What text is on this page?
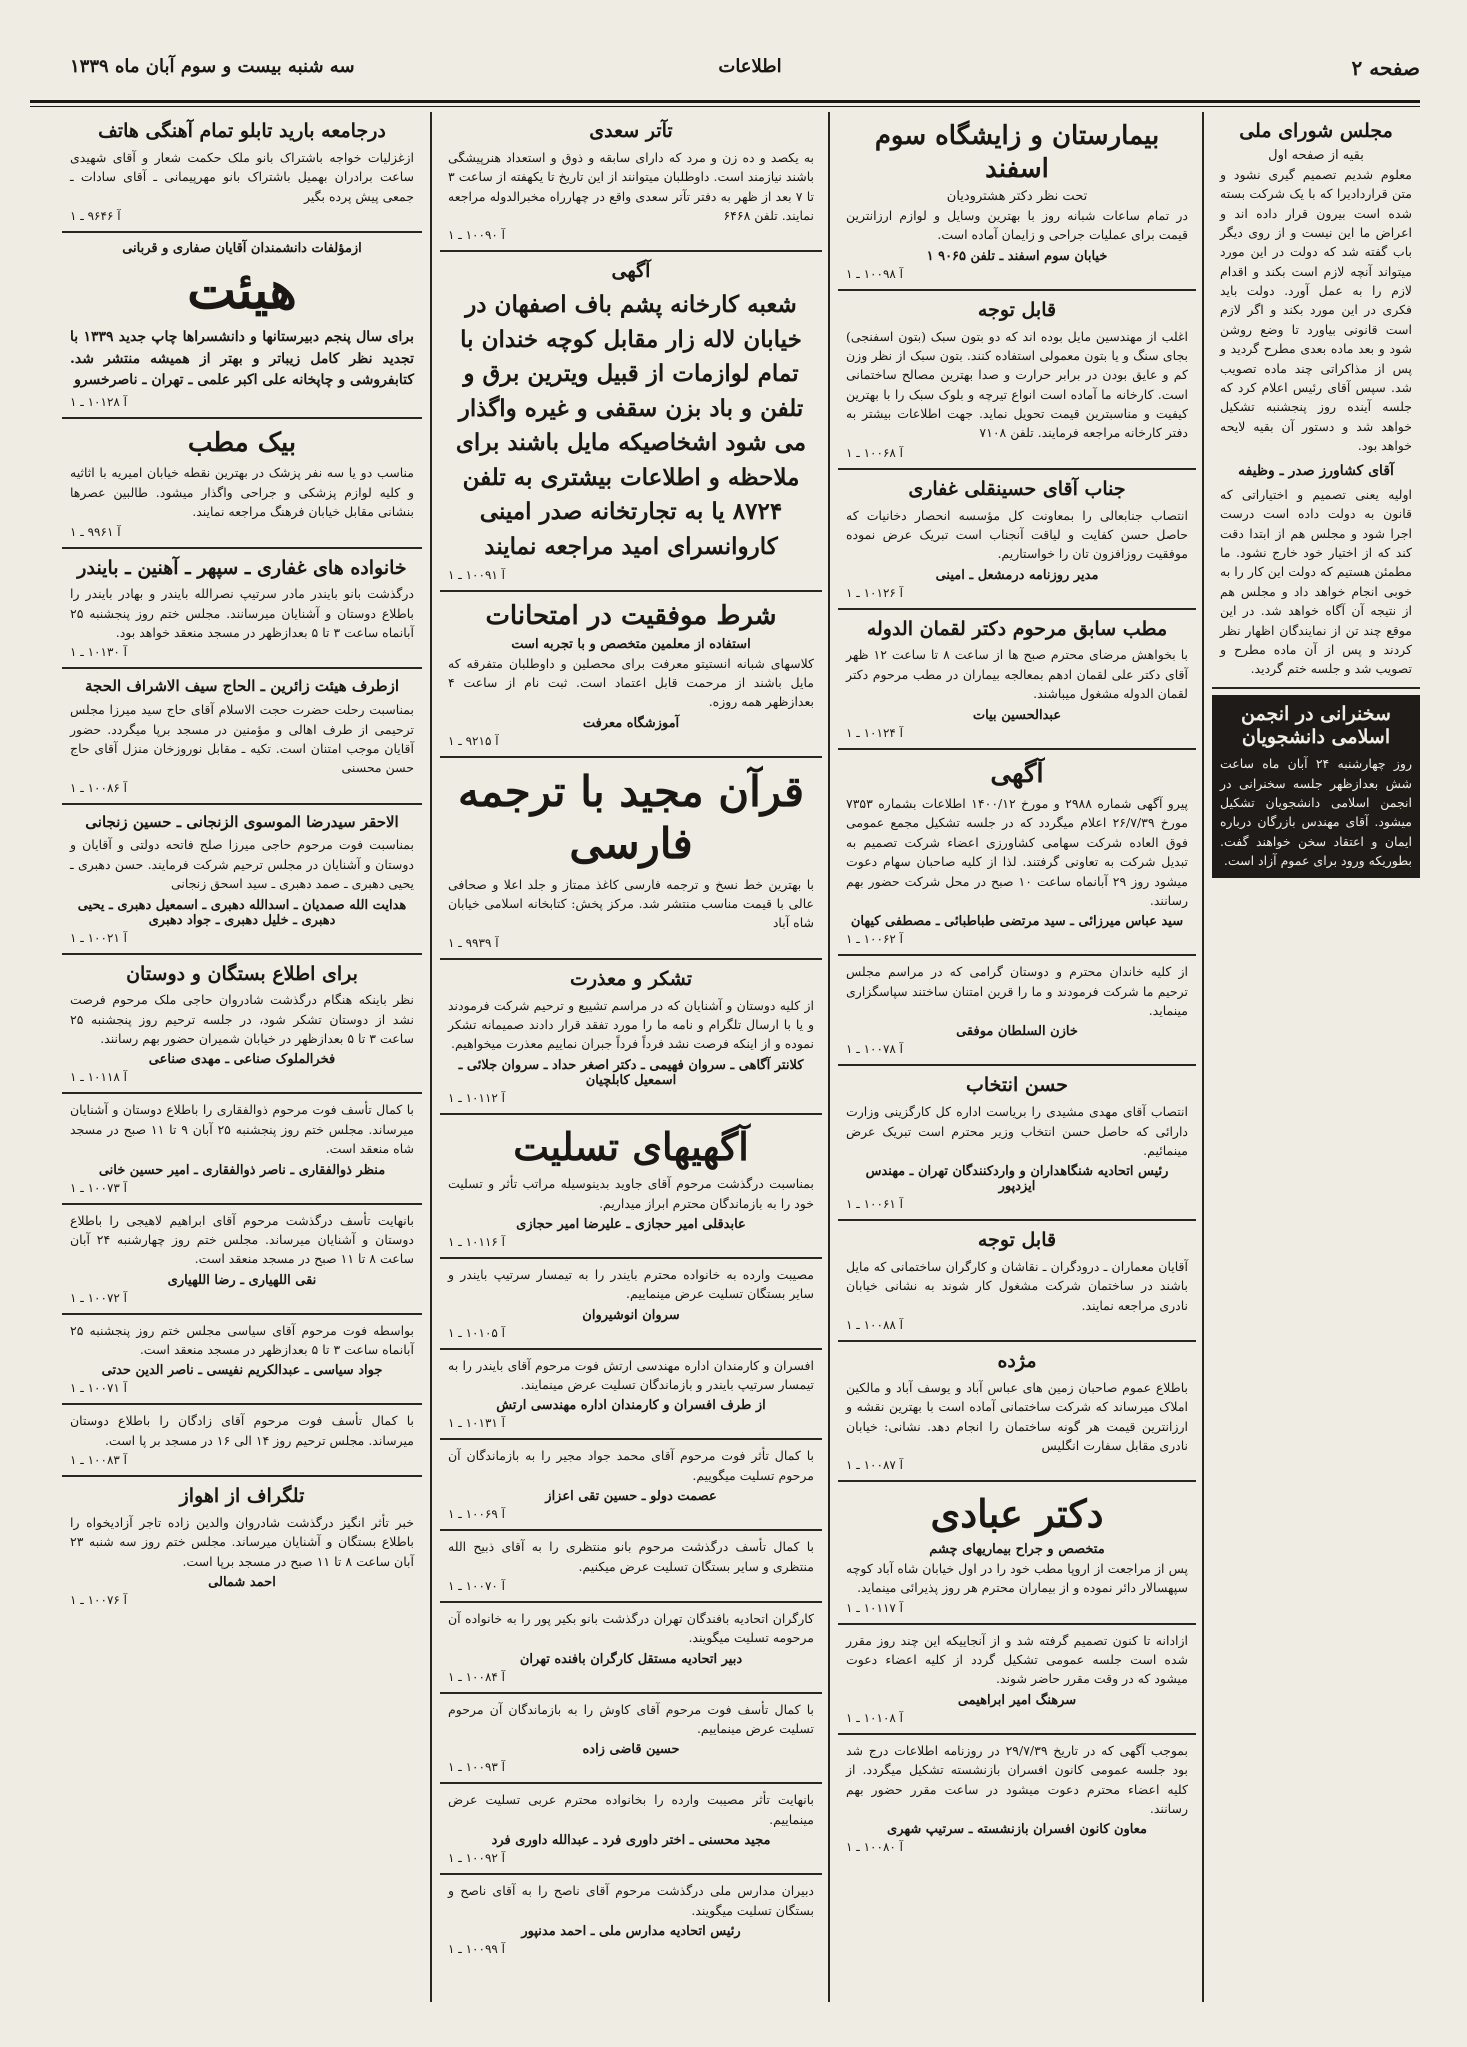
صفحه ۲
اطلاعات
سه شنبه بیست و سوم آبان ماه ۱۳۳۹
مجلس شورای ملی
بقیه از صفحه اول
معلوم شدیم تصمیم گیری نشود و متن قراردادیرا که با یک شرکت بسته شده است بیرون قرار داده اند و اعراض ما این نیست و از روی دیگر باب گفته شد که دولت در این مورد میتواند آنچه لازم است بکند و اقدام لازم را به عمل آورد. دولت باید فکری در این مورد بکند و اگر لازم است قانونی بیاورد تا وضع روشن شود و بعد ماده بعدی مطرح گردید و پس از مذاکراتی چند ماده تصویب شد. سپس آقای رئیس اعلام کرد که جلسه آینده روز پنجشنبه تشکیل خواهد شد و دستور آن بقیه لایحه خواهد بود.
آقای کشاورز صدر ـ وظیفه
اولیه یعنی تصمیم و اختیاراتی که قانون به دولت داده است درست اجرا شود و مجلس هم از ابتدا دقت کند که از اختیار خود خارج نشود. ما مطمئن هستیم که دولت این کار را به خوبی انجام خواهد داد و مجلس هم از نتیجه آن آگاه خواهد شد. در این موقع چند تن از نمایندگان اظهار نظر کردند و پس از آن ماده مطرح و تصویب شد و جلسه ختم گردید.
سخنرانی در انجمن اسلامی دانشجویان
روز چهارشنبه ۲۴ آبان ماه ساعت شش بعدازظهر جلسه سخنرانی در انجمن اسلامی دانشجویان تشکیل میشود. آقای مهندس بازرگان درباره ایمان و اعتقاد سخن خواهند گفت. بطوریکه ورود برای عموم آزاد است.
بیمارستان و زایشگاه سوم اسفند
تحت نظر دکتر هشترودیان
در تمام ساعات شبانه روز با بهترین وسایل و لوازم ارزانترین قیمت برای عملیات جراحی و زایمان آماده است.
خیابان سوم اسفند ـ تلفن ۹۰۶۵ ۱
آ ۱۰۰۹۸ ـ ۱
قابل توجه
اغلب از مهندسین مایل بوده اند که دو بتون سبک (بتون اسفنجی) بجای سنگ و یا بتون معمولی استفاده کنند. بتون سبک از نظر وزن کم و عایق بودن در برابر حرارت و صدا بهترین مصالح ساختمانی است. کارخانه ما آماده است انواع تیرچه و بلوک سبک را با بهترین کیفیت و مناسبترین قیمت تحویل نماید. جهت اطلاعات بیشتر به دفتر کارخانه مراجعه فرمایند. تلفن ۷۱۰۸
آ ۱۰۰۶۸ ـ ۱
جناب آقای حسینقلی غفاری
انتصاب جنابعالی را بمعاونت کل مؤسسه انحصار دخانیات که حاصل حسن کفایت و لیاقت آنجناب است تبریک عرض نموده موفقیت روزافزون تان را خواستاریم.
مدیر روزنامه درمشعل ـ امینی
آ ۱۰۱۲۶ ـ ۱
مطب سابق مرحوم دکتر لقمان الدوله
با بخواهش مرضای محترم صبح ها از ساعت ۸ تا ساعت ۱۲ ظهر آقای دکتر علی لقمان ادهم بمعالجه بیماران در مطب مرحوم دکتر لقمان الدوله مشغول میباشند.
عبدالحسین بیات
آ ۱۰۱۲۴ ـ ۱
آگهی
پیرو آگهی شماره ۲۹۸۸ و مورخ ۱۴۰۰/۱۲ اطلاعات بشماره ۷۳۵۳ مورخ ۲۶/۷/۳۹ اعلام میگردد که در جلسه تشکیل مجمع عمومی فوق العاده شرکت سهامی کشاورزی اعضاء شرکت تصمیم به تبدیل شرکت به تعاونی گرفتند. لذا از کلیه صاحبان سهام دعوت میشود روز ۲۹ آبانماه ساعت ۱۰ صبح در محل شرکت حضور بهم رسانند.
سید عباس میرزائی ـ سید مرتضی طباطبائی ـ مصطفی کیهان
آ ۱۰۰۶۲ ـ ۱
از کلیه خاندان محترم و دوستان گرامی که در مراسم مجلس ترحیم ما شرکت فرمودند و ما را قرین امتنان ساختند سپاسگزاری مینماید.
خازن السلطان موفقی
آ ۱۰۰۷۸ ـ ۱
حسن انتخاب
انتصاب آقای مهدی مشیدی را بریاست اداره کل کارگزینی وزارت دارائی که حاصل حسن انتخاب وزیر محترم است تبریک عرض مینمائیم.
رئیس اتحادیه شنگاهداران و واردکنندگان تهران ـ مهندس ایزدپور
آ ۱۰۰۶۱ ـ ۱
قابل توجه
آقایان معماران ـ درودگران ـ نقاشان و کارگران ساختمانی که مایل باشند در ساختمان شرکت مشغول کار شوند به نشانی خیابان نادری مراجعه نمایند.
آ ۱۰۰۸۸ ـ ۱
مژده
باطلاع عموم صاحبان زمین های عباس آباد و یوسف آباد و مالکین املاک میرساند که شرکت ساختمانی آماده است با بهترین نقشه و ارزانترین قیمت هر گونه ساختمان را انجام دهد. نشانی: خیابان نادری مقابل سفارت انگلیس
آ ۱۰۰۸۷ ـ ۱
دکتر عبادی
متخصص و جراح بیماریهای چشم
پس از مراجعت از اروپا مطب خود را در اول خیابان شاه آباد کوچه سپهسالار دائر نموده و از بیماران محترم هر روز پذیرائی مینماید.
آ ۱۰۱۱۷ ـ ۱
ازادانه تا کنون تصمیم گرفته شد و از آنجاییکه این چند روز مقرر شده است جلسه عمومی تشکیل گردد از کلیه اعضاء دعوت میشود که در وقت مقرر حاضر شوند.
سرهنگ امیر ابراهیمی
آ ۱۰۱۰۸ ـ ۱
بموجب آگهی که در تاریخ ۲۹/۷/۳۹ در روزنامه اطلاعات درج شد بود جلسه عمومی کانون افسران بازنشسته تشکیل میگردد. از کلیه اعضاء محترم دعوت میشود در ساعت مقرر حضور بهم رسانند.
معاون کانون افسران بازنشسته ـ سرتیپ شهری
آ ۱۰۰۸۰ ـ ۱
تآتر سعدی
به یکصد و ده زن و مرد که دارای سابقه و ذوق و استعداد هنرپیشگی باشند نیازمند است. داوطلبان میتوانند از این تاریخ تا یکهفته از ساعت ۳ تا ۷ بعد از ظهر به دفتر تآتر سعدی واقع در چهارراه مخبرالدوله مراجعه نمایند. تلفن ۶۴۶۸
آ ۱۰۰۹۰ ـ ۱
آگهی
شعبه کارخانه پشم باف اصفهان در خیابان لاله زار مقابل کوچه خندان با تمام لوازمات از قبیل ویترین برق و تلفن و باد بزن سقفی و غیره واگذار می شود اشخاصیکه مایل باشند برای ملاحظه و اطلاعات بیشتری به تلفن ۸۷۲۴ یا به تجارتخانه صدر امینی کاروانسرای امید مراجعه نمایند
آ ۱۰۰۹۱ ـ ۱
شرط موفقیت در امتحانات
استفاده از معلمین متخصص و با تجربه است
کلاسهای شبانه انستیتو معرفت برای محصلین و داوطلبان متفرقه که مایل باشند از مرحمت قابل اعتماد است. ثبت نام از ساعت ۴ بعدازظهر همه روزه.
آموزشگاه معرفت
آ ۹۲۱۵ ـ ۱
قرآن مجید با ترجمه فارسی
با بهترین خط نسخ و ترجمه فارسی کاغذ ممتاز و جلد اعلا و صحافی عالی با قیمت مناسب منتشر شد. مرکز پخش: کتابخانه اسلامی خیابان شاه آباد
آ ۹۹۳۹ ـ ۱
تشکر و معذرت
از کلیه دوستان و آشنایان که در مراسم تشییع و ترحیم شرکت فرمودند و یا با ارسال تلگرام و نامه ما را مورد تفقد قرار دادند صمیمانه تشکر نموده و از اینکه فرصت نشد فرداً فرداً جبران نماییم معذرت میخواهیم.
کلانتر آگاهی ـ سروان فهیمی ـ دکتر اصغر حداد ـ سروان جلائی ـ اسمعیل کابلچیان
آ ۱۰۱۱۲ ـ ۱
آگهیهای تسلیت
بمناسبت درگذشت مرحوم آقای جاوید بدینوسیله مراتب تأثر و تسلیت خود را به بازماندگان محترم ابراز میداریم.
عابدقلی امیر حجازی ـ علیرضا امیر حجازی
آ ۱۰۱۱۶ ـ ۱
مصیبت وارده به خانواده محترم بایندر را به تیمسار سرتیپ بایندر و سایر بستگان تسلیت عرض مینماییم.
سروان انوشیروان
آ ۱۰۱۰۵ ـ ۱
افسران و کارمندان اداره مهندسی ارتش فوت مرحوم آقای بایندر را به تیمسار سرتیپ بایندر و بازماندگان تسلیت عرض مینمایند.
از طرف افسران و کارمندان اداره مهندسی ارتش
آ ۱۰۱۳۱ ـ ۱
با کمال تأثر فوت مرحوم آقای محمد جواد مجیر را به بازماندگان آن مرحوم تسلیت میگوییم.
عصمت دولو ـ حسین تقی اعزاز
آ ۱۰۰۶۹ ـ ۱
با کمال تأسف درگذشت مرحوم بانو منتظری را به آقای ذبیح الله منتظری و سایر بستگان تسلیت عرض میکنیم.
آ ۱۰۰۷۰ ـ ۱
کارگران اتحادیه بافندگان تهران درگذشت بانو بکیر پور را به خانواده آن مرحومه تسلیت میگویند.
دبیر اتحادیه مستقل کارگران بافنده تهران
آ ۱۰۰۸۴ ـ ۱
با کمال تأسف فوت مرحوم آقای کاوش را به بازماندگان آن مرحوم تسلیت عرض مینماییم.
حسین قاضی زاده
آ ۱۰۰۹۳ ـ ۱
بانهایت تأثر مصیبت وارده را بخانواده محترم عربی تسلیت عرض مینماییم.
مجید محسنی ـ اختر داوری فرد ـ عبدالله داوری فرد
آ ۱۰۰۹۲ ـ ۱
دبیران مدارس ملی درگذشت مرحوم آقای ناصح را به آقای ناصح و بستگان تسلیت میگویند.
رئیس اتحادیه مدارس ملی ـ احمد مدنپور
آ ۱۰۰۹۹ ـ ۱
درجامعه بارید تابلو تمام آهنگی هاتف
ازغزلیات خواجه باشتراک بانو ملک حکمت شعار و آقای شهیدی ساعت برادران بهمیل باشتراک بانو مهرپیمانی ـ آقای سادات ـ جمعی پیش پرده بگیر
آ ۹۶۴۶ ـ ۱
ازمؤلفات دانشمندان آقایان صفاری و قربانی
هیئت
برای سال پنجم دبیرستانها و دانشسراها چاپ جدید ۱۳۳۹ با تجدید نظر کامل زیباتر و بهتر از همیشه منتشر شد. کتابفروشی و چاپخانه علی اکبر علمی ـ تهران ـ ناصرخسرو
آ ۱۰۱۲۸ ـ ۱
بیک مطب
مناسب دو یا سه نفر پزشک در بهترین نقطه خیابان امیریه با اثاثیه و کلیه لوازم پزشکی و جراحی واگذار میشود. طالبین عصرها بنشانی مقابل خیابان فرهنگ مراجعه نمایند.
آ ۹۹۶۱ ـ ۱
خانواده های غفاری ـ سپهر ـ آهنین ـ بایندر
درگذشت بانو بایندر مادر سرتیپ نصرالله بایندر و بهادر بایندر را باطلاع دوستان و آشنایان میرسانند. مجلس ختم روز پنجشنبه ۲۵ آبانماه ساعت ۳ تا ۵ بعدازظهر در مسجد منعقد خواهد بود.
آ ۱۰۱۳۰ ـ ۱
ازطرف هیئت زائرین ـ الحاج سیف الاشراف الحجة
بمناسبت رحلت حضرت حجت الاسلام آقای حاج سید میرزا مجلس ترحیمی از طرف اهالی و مؤمنین در مسجد برپا میگردد. حضور آقایان موجب امتنان است. تکیه ـ مقابل نوروزخان منزل آقای حاج حسن محسنی
آ ۱۰۰۸۶ ـ ۱
الاحقر سیدرضا الموسوی الزنجانی ـ حسین زنجانی
بمناسبت فوت مرحوم حاجی میرزا صلح فاتحه دولتی و آقایان و دوستان و آشنایان در مجلس ترحیم شرکت فرمایند. حسن دهبری ـ یحیی دهبری ـ صمد دهبری ـ سید اسحق زنجانی
هدایت الله صمدیان ـ اسدالله دهبری ـ اسمعیل دهبری ـ یحیی دهبری ـ خلیل دهبری ـ جواد دهبری
آ ۱۰۰۲۱ ـ ۱
برای اطلاع بستگان و دوستان
نظر باینکه هنگام درگذشت شادروان حاجی ملک مرحوم فرصت نشد از دوستان تشکر شود، در جلسه ترحیم روز پنجشنبه ۲۵ ساعت ۳ تا ۵ بعدازظهر در خیابان شمیران حضور بهم رسانند.
فخرالملوک صناعی ـ مهدی صناعی
آ ۱۰۱۱۸ ـ ۱
با کمال تأسف فوت مرحوم ذوالفقاری را باطلاع دوستان و آشنایان میرساند. مجلس ختم روز پنجشنبه ۲۵ آبان ۹ تا ۱۱ صبح در مسجد شاه منعقد است.
منظر ذوالفقاری ـ ناصر ذوالفقاری ـ امیر حسین خانی
آ ۱۰۰۷۳ ـ ۱
بانهایت تأسف درگذشت مرحوم آقای ابراهیم لاهیجی را باطلاع دوستان و آشنایان میرساند. مجلس ختم روز چهارشنبه ۲۴ آبان ساعت ۸ تا ۱۱ صبح در مسجد منعقد است.
نقی اللهیاری ـ رضا اللهیاری
آ ۱۰۰۷۲ ـ ۱
بواسطه فوت مرحوم آقای سیاسی مجلس ختم روز پنجشنبه ۲۵ آبانماه ساعت ۳ تا ۵ بعدازظهر در مسجد منعقد است.
جواد سیاسی ـ عبدالکریم نفیسی ـ ناصر الدین حدتی
آ ۱۰۰۷۱ ـ ۱
با کمال تأسف فوت مرحوم آقای زادگان را باطلاع دوستان میرساند. مجلس ترحیم روز ۱۴ الی ۱۶ در مسجد بر پا است.
آ ۱۰۰۸۳ ـ ۱
تلگراف از اهواز
خبر تأثر انگیز درگذشت شادروان والدین زاده تاجر آزادیخواه را باطلاع بستگان و آشنایان میرساند. مجلس ختم روز سه شنبه ۲۳ آبان ساعت ۸ تا ۱۱ صبح در مسجد برپا است.
احمد شمالی
آ ۱۰۰۷۶ ـ ۱
